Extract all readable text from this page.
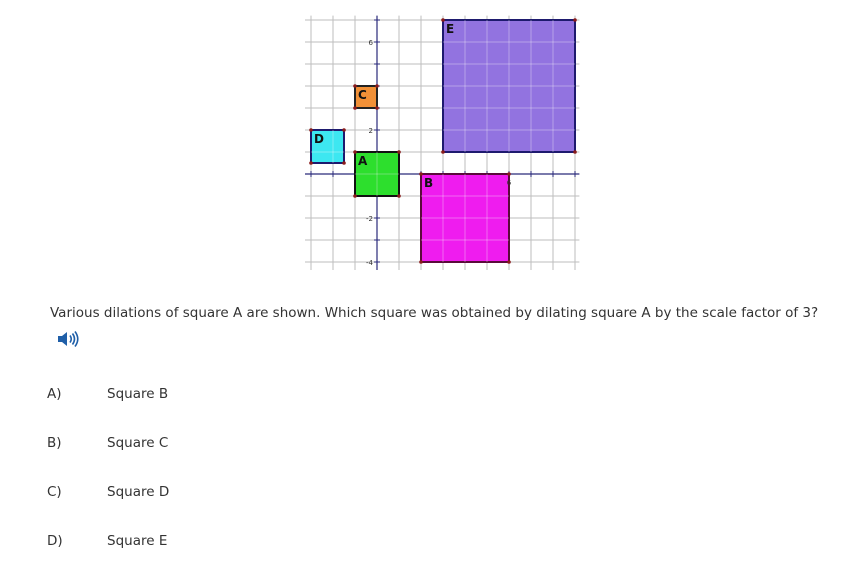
E
C
D
A
B
6
2
-2
-4
6

Various dilations of square A are shown. Which square was obtained by dilating square A by the scale factor of 3?

A)	Square B
B)	Square C
C)	Square D
D)	Square E
